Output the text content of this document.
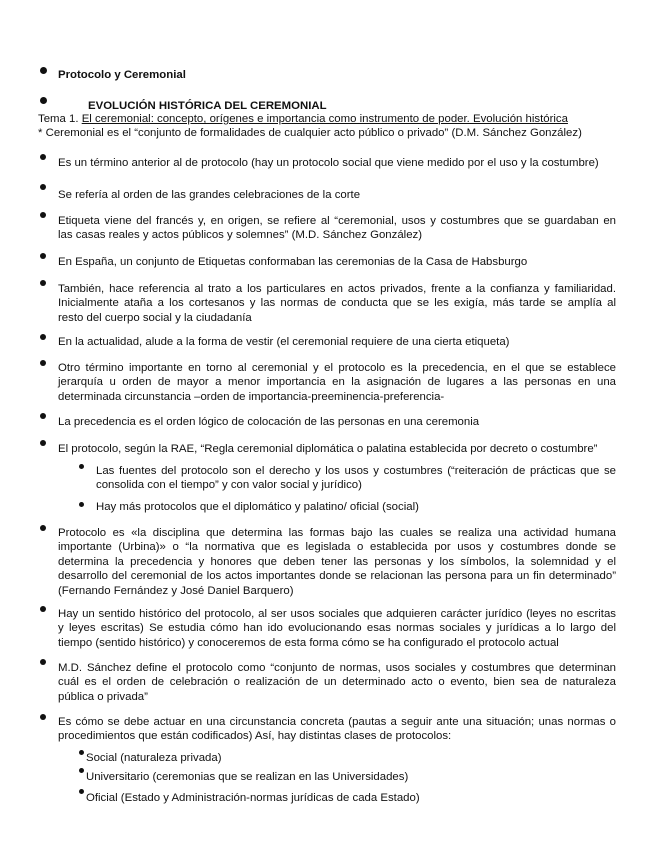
Protocolo y Ceremonial
EVOLUCIÓN HISTÓRICA DEL CEREMONIAL
Tema 1. El ceremonial: concepto, orígenes e importancia como instrumento de poder. Evolución histórica
* Ceremonial es el “conjunto de formalidades de cualquier acto público o privado” (D.M. Sánchez González)
Es un término anterior al de protocolo (hay un protocolo social que viene medido por el uso y la costumbre)
Se refería al orden de las grandes celebraciones de la corte
Etiqueta viene del francés y, en origen, se refiere al “ceremonial, usos y costumbres que se guardaban en
las casas reales y actos públicos y solemnes” (M.D. Sánchez González)
En España, un conjunto de Etiquetas conformaban las ceremonias de la Casa de Habsburgo
También, hace referencia al trato a los particulares en actos privados, frente a la confianza y familiaridad.
Inicialmente ataña a los cortesanos y las normas de conducta que se les exigía, más tarde se amplía al
resto del cuerpo social y la ciudadanía
En la actualidad, alude a la forma de vestir (el ceremonial requiere de una cierta etiqueta)
Otro término importante en torno al ceremonial y el protocolo es la precedencia, en el que se establece
jerarquía u orden de mayor a menor importancia en la asignación de lugares a las personas en una
determinada circunstancia –orden de importancia-preeminencia-preferencia-
La precedencia es el orden lógico de colocación de las personas en una ceremonia
El protocolo, según la RAE, “Regla ceremonial diplomática o palatina establecida por decreto o costumbre”
Las fuentes del protocolo son el derecho y los usos y costumbres (“reiteración de prácticas que se
consolida con el tiempo” y con valor social y jurídico)
Hay más protocolos que el diplomático y palatino/ oficial (social)
Protocolo es «la disciplina que determina las formas bajo las cuales se realiza una actividad humana
importante (Urbina)» o “la normativa que es legislada o establecida por usos y costumbres donde se
determina la precedencia y honores que deben tener las personas y los símbolos, la solemnidad y el
desarrollo del ceremonial de los actos importantes donde se relacionan las persona para un fin determinado”
(Fernando Fernández y José Daniel Barquero)
Hay un sentido histórico del protocolo, al ser usos sociales que adquieren carácter jurídico (leyes no escritas
y leyes escritas) Se estudia cómo han ido evolucionando esas normas sociales y jurídicas a lo largo del
tiempo (sentido histórico) y conoceremos de esta forma cómo se ha configurado el protocolo actual
M.D. Sánchez define el protocolo como “conjunto de normas, usos sociales y costumbres que determinan
cuál es el orden de celebración o realización de un determinado acto o evento, bien sea de naturaleza
pública o privada”
Es cómo se debe actuar en una circunstancia concreta (pautas a seguir ante una situación; unas normas o
procedimientos que están codificados) Así, hay distintas clases de protocolos:
Social (naturaleza privada)
Universitario (ceremonias que se realizan en las Universidades)
Oficial (Estado y Administración-normas jurídicas de cada Estado)
